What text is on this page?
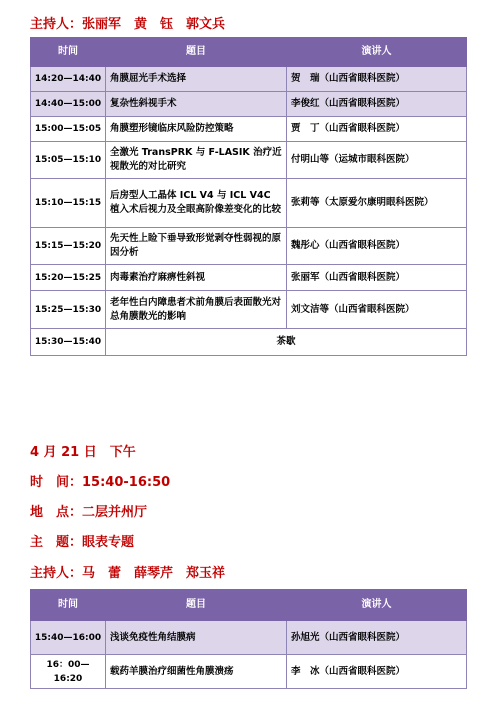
主持人：张丽军　黄　钰　郭文兵
时间	题目	演讲人
14:20—14:40	角膜屈光手术选择	贺　瑞（山西省眼科医院）
14:40—15:00	复杂性斜视手术	李俊红（山西省眼科医院）
15:00—15:05	角膜塑形镜临床风险防控策略	贾　丁（山西省眼科医院）
15:05—15:10	全激光 TransPRK 与 F-LASIK 治疗近视散光的对比研究	付明山等（运城市眼科医院）
15:10—15:15	后房型人工晶体 ICL V4 与 ICL V4C 植入术后视力及全眼高阶像差变化的比较	张莉等（太原爱尔康明眼科医院）
15:15—15:20	先天性上睑下垂导致形觉剥夺性弱视的原因分析	魏彤心（山西省眼科医院）
15:20—15:25	肉毒素治疗麻痹性斜视	张丽军（山西省眼科医院）
15:25—15:30	老年性白内障患者术前角膜后表面散光对总角膜散光的影响	刘文洁等（山西省眼科医院）
15:30—15:40	茶歇	
4 月 21 日　下午
时　间：15:40-16:50
地　点：二层并州厅
主　题：眼表专题
主持人：马　蕾　薛琴芹　郑玉祥
时间	题目	演讲人
15:40—16:00	浅谈免疫性角结膜病	孙旭光（山西省眼科医院）
16：00—16:20	载药羊膜治疗细菌性角膜溃疡	李　冰（山西省眼科医院）
